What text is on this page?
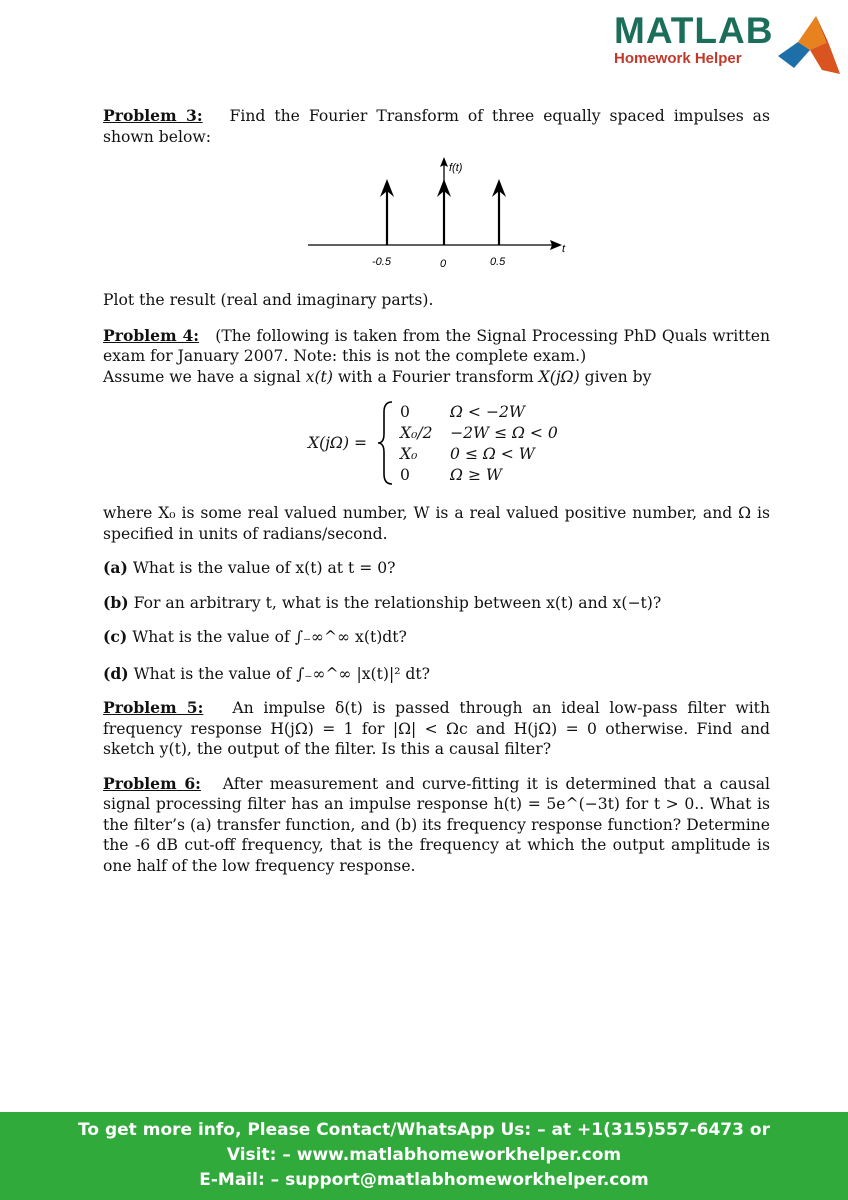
MATLAB
Homework Helper

Problem 3: Find the Fourier Transform of three equally spaced impulses as shown below:

f(t)
t
-0.5	0	0.5

Plot the result (real and imaginary parts).

Problem 4: (The following is taken from the Signal Processing PhD Quals written exam for January 2007. Note: this is not the complete exam.)

Assume we have a signal x(t) with a Fourier transform X(jΩ) given by

X(jΩ) =
0	Ω < −2W
X₀/2 −2W ≤ Ω < 0
X₀ 0 ≤ Ω < W
0	Ω ≥ W

where X₀ is some real valued number, W is a real valued positive number, and Ω is specified in units of radians/second.

(a) What is the value of x(t) at t = 0?

(b) For an arbitrary t, what is the relationship between x(t) and x(−t)?

(c) What is the value of ∫₋∞^∞ x(t)dt?

(d) What is the value of ∫₋∞^∞ |x(t)|² dt?

Problem 5: An impulse δ(t) is passed through an ideal low-pass filter with frequency response H(jΩ) = 1 for |Ω| < Ωc and H(jΩ) = 0 otherwise. Find and sketch y(t), the output of the filter. Is this a causal filter?

Problem 6: After measurement and curve-fitting it is determined that a causal signal processing filter has an impulse response h(t) = 5e^(−3t) for t > 0.. What is the filter’s (a) transfer function, and (b) its frequency response function? Determine the -6 dB cut-off frequency, that is the frequency at which the output amplitude is one half of the low frequency response.

To get more info, Please Contact/WhatsApp Us: – at +1(315)557-6473 or
Visit: – www.matlabhomeworkhelper.com
E-Mail: – support@matlabhomeworkhelper.com
